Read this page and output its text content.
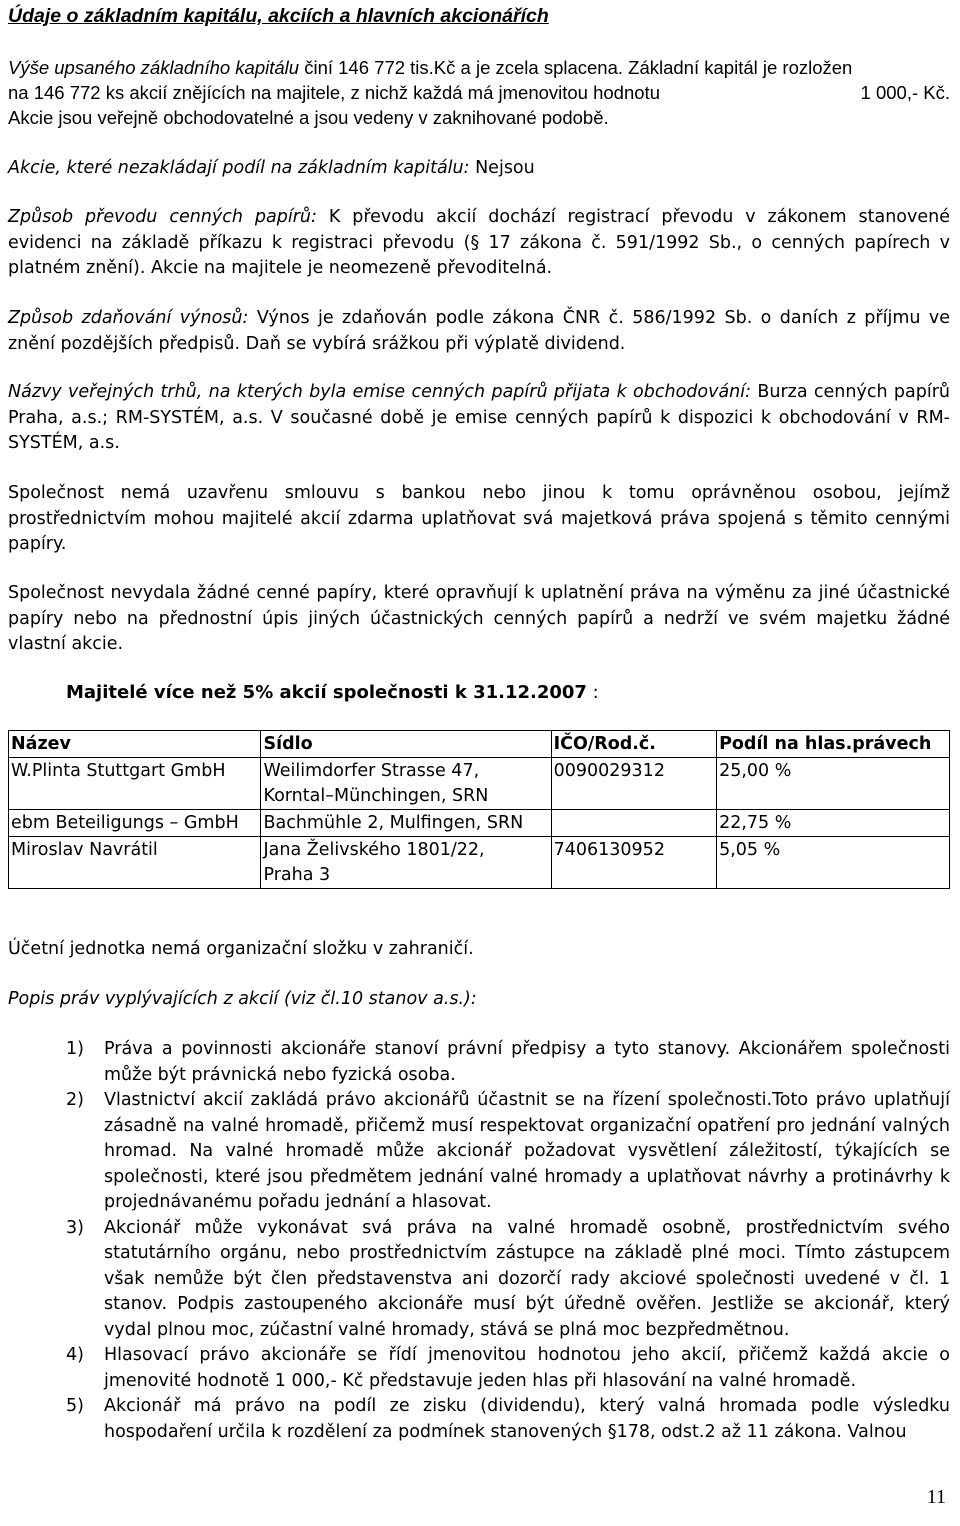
Údaje o základním kapitálu, akciích a hlavních akcionářích
Výše upsaného základního kapitálu činí 146 772 tis.Kč a je zcela splacena. Základní kapitál je rozložen
na 146 772 ks akcií znějících na majitele, z nichž každá má jmenovitou hodnotu	1 000,- Kč.
Akcie jsou veřejně obchodovatelné a jsou vedeny v zaknihované podobě.

Akcie, které nezakládají podíl na základním kapitálu: Nejsou

Způsob převodu cenných papírů: K převodu akcií dochází registrací převodu v zákonem stanovené evidenci na základě příkazu k registraci převodu (§ 17 zákona č. 591/1992 Sb., o cenných papírech v platném znění). Akcie na majitele je neomezeně převoditelná.

Způsob zdaňování výnosů: Výnos je zdaňován podle zákona ČNR č. 586/1992 Sb. o daních z příjmu ve znění pozdějších předpisů. Daň se vybírá srážkou při výplatě dividend.

Názvy veřejných trhů, na kterých byla emise cenných papírů přijata k obchodování: Burza cenných papírů Praha, a.s.; RM-SYSTÉM, a.s. V současné době je emise cenných papírů k dispozici k obchodování v RM-SYSTÉM, a.s.

Společnost nemá uzavřenu smlouvu s bankou nebo jinou k tomu oprávněnou osobou, jejímž prostřednictvím mohou majitelé akcií zdarma uplatňovat svá majetková práva spojená s těmito cennými papíry.

Společnost nevydala žádné cenné papíry, které opravňují k uplatnění práva na výměnu za jiné účastnické papíry nebo na přednostní úpis jiných účastnických cenných papírů a nedrží ve svém majetku žádné vlastní akcie.

Majitelé více než 5% akcií společnosti k 31.12.2007 :
Název	Sídlo	IČO/Rod.č.	Podíl na hlas.právech
W.Plinta Stuttgart GmbH	Weilimdorfer Strasse 47,
Korntal–Münchingen, SRN	0090029312	25,00 %
ebm Beteiligungs – GmbH	Bachmühle 2, Mulfingen, SRN		22,75 %
Miroslav Navrátil	Jana Želivského 1801/22,
Praha 3	7406130952	5,05 %

Účetní jednotka nemá organizační složku v zahraničí.

Popis práv vyplývajících z akcií (viz čl.10 stanov a.s.):

1)	Práva a povinnosti akcionáře stanoví právní předpisy a tyto stanovy. Akcionářem společnosti může být právnická nebo fyzická osoba.
2)	Vlastnictví akcií zakládá právo akcionářů účastnit se na řízení společnosti.Toto právo uplatňují zásadně na valné hromadě, přičemž musí respektovat organizační opatření pro jednání valných hromad. Na valné hromadě může akcionář požadovat vysvětlení záležitostí, týkajících se společnosti, které jsou předmětem jednání valné hromady a uplatňovat návrhy a protinávrhy k projednávanému pořadu jednání a hlasovat.
3)	Akcionář může vykonávat svá práva na valné hromadě osobně, prostřednictvím svého statutárního orgánu, nebo prostřednictvím zástupce na základě plné moci. Tímto zástupcem však nemůže být člen představenstva ani dozorčí rady akciové společnosti uvedené v čl. 1 stanov. Podpis zastoupeného akcionáře musí být úředně ověřen. Jestliže se akcionář, který vydal plnou moc, zúčastní valné hromady, stává se plná moc bezpředmětnou.
4)	Hlasovací právo akcionáře se řídí jmenovitou hodnotou jeho akcií, přičemž každá akcie o jmenovité hodnotě 1 000,- Kč představuje jeden hlas při hlasování na valné hromadě.
5)	Akcionář má právo na podíl ze zisku (dividendu), který valná hromada podle výsledku hospodaření určila k rozdělení za podmínek stanovených §178, odst.2 až 11 zákona. Valnou
11
